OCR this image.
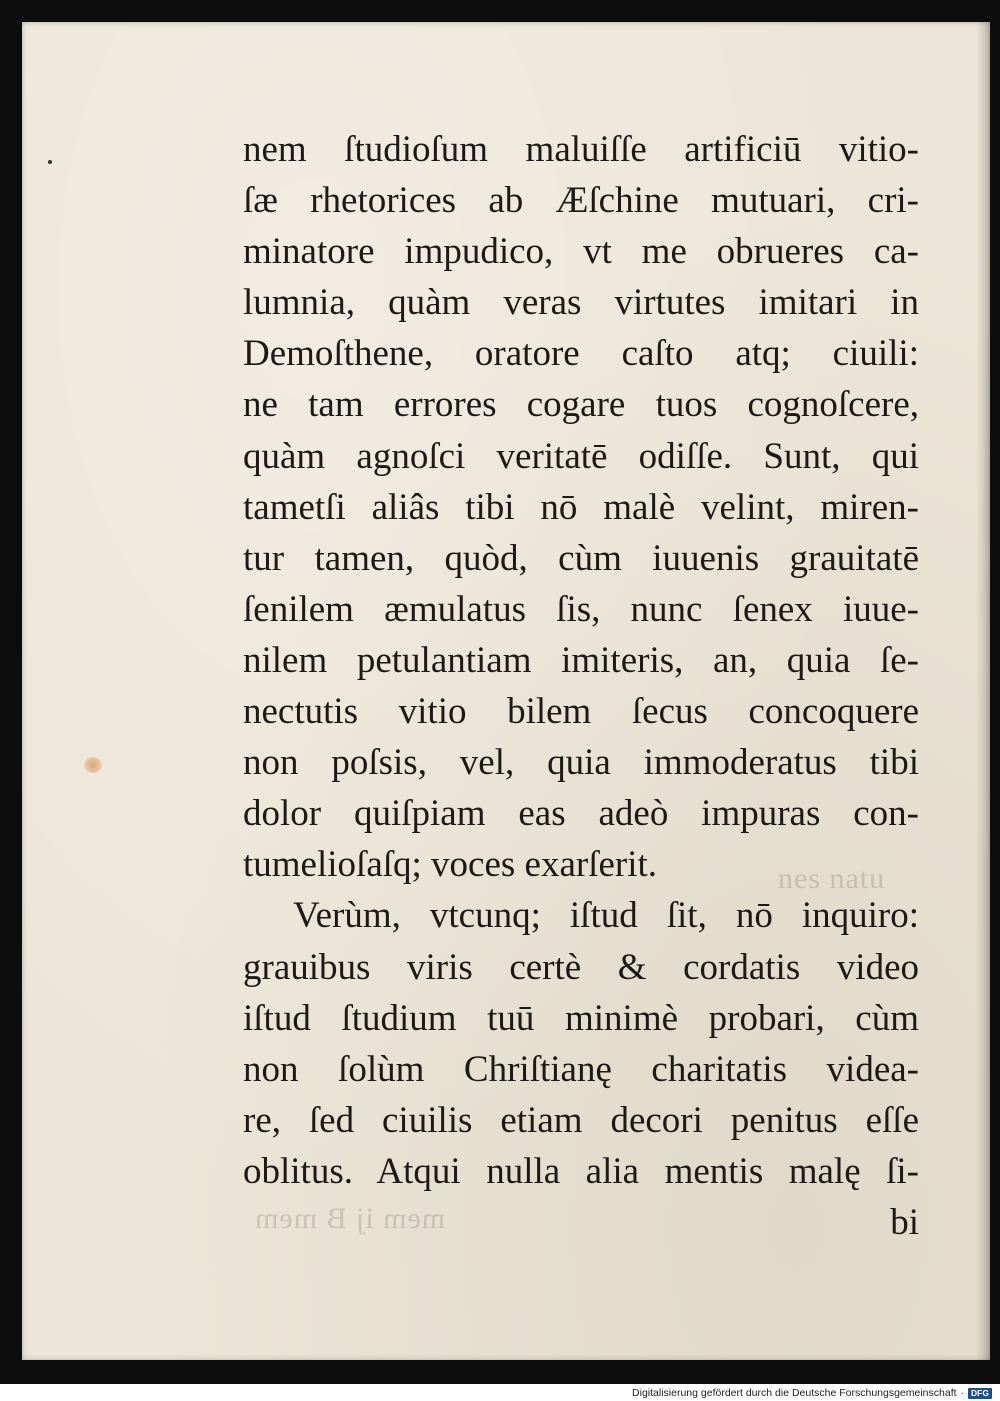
nes natu
mem ij B mem
nem ſtudioſum maluiſſe artificiū vitio-
ſæ rhetorices ab Æſchine mutuari, cri-
minatore impudico, vt me obrueres ca-
lumnia, quàm veras virtutes imitari in
Demoſthene, oratore caſto atq; ciuili:
ne tam errores cogare tuos cognoſcere,
quàm agnoſci veritatē odiſſe. Sunt, qui
tametſi aliâs tibi nō malè velint, miren-
tur tamen, quòd, cùm iuuenis grauitatē
ſenilem æmulatus ſis, nunc ſenex iuue-
nilem petulantiam imiteris, an, quia ſe-
nectutis vitio bilem ſecus concoquere
non poſsis, vel, quia immoderatus tibi
dolor quiſpiam eas adeò impuras con-
tumelioſaſq; voces exarſerit.
Verùm, vtcunq; iſtud ſit, nō inquiro:
grauibus viris certè & cordatis video
iſtud ſtudium tuū minimè probari, cùm
non ſolùm Chriſtianę charitatis videa-
re, ſed ciuilis etiam decori penitus eſſe
oblitus. Atqui nulla alia mentis malę ſi-
bi
Digitalisierung gefördert durch die Deutsche Forschungsgemeinschaft · DFG
